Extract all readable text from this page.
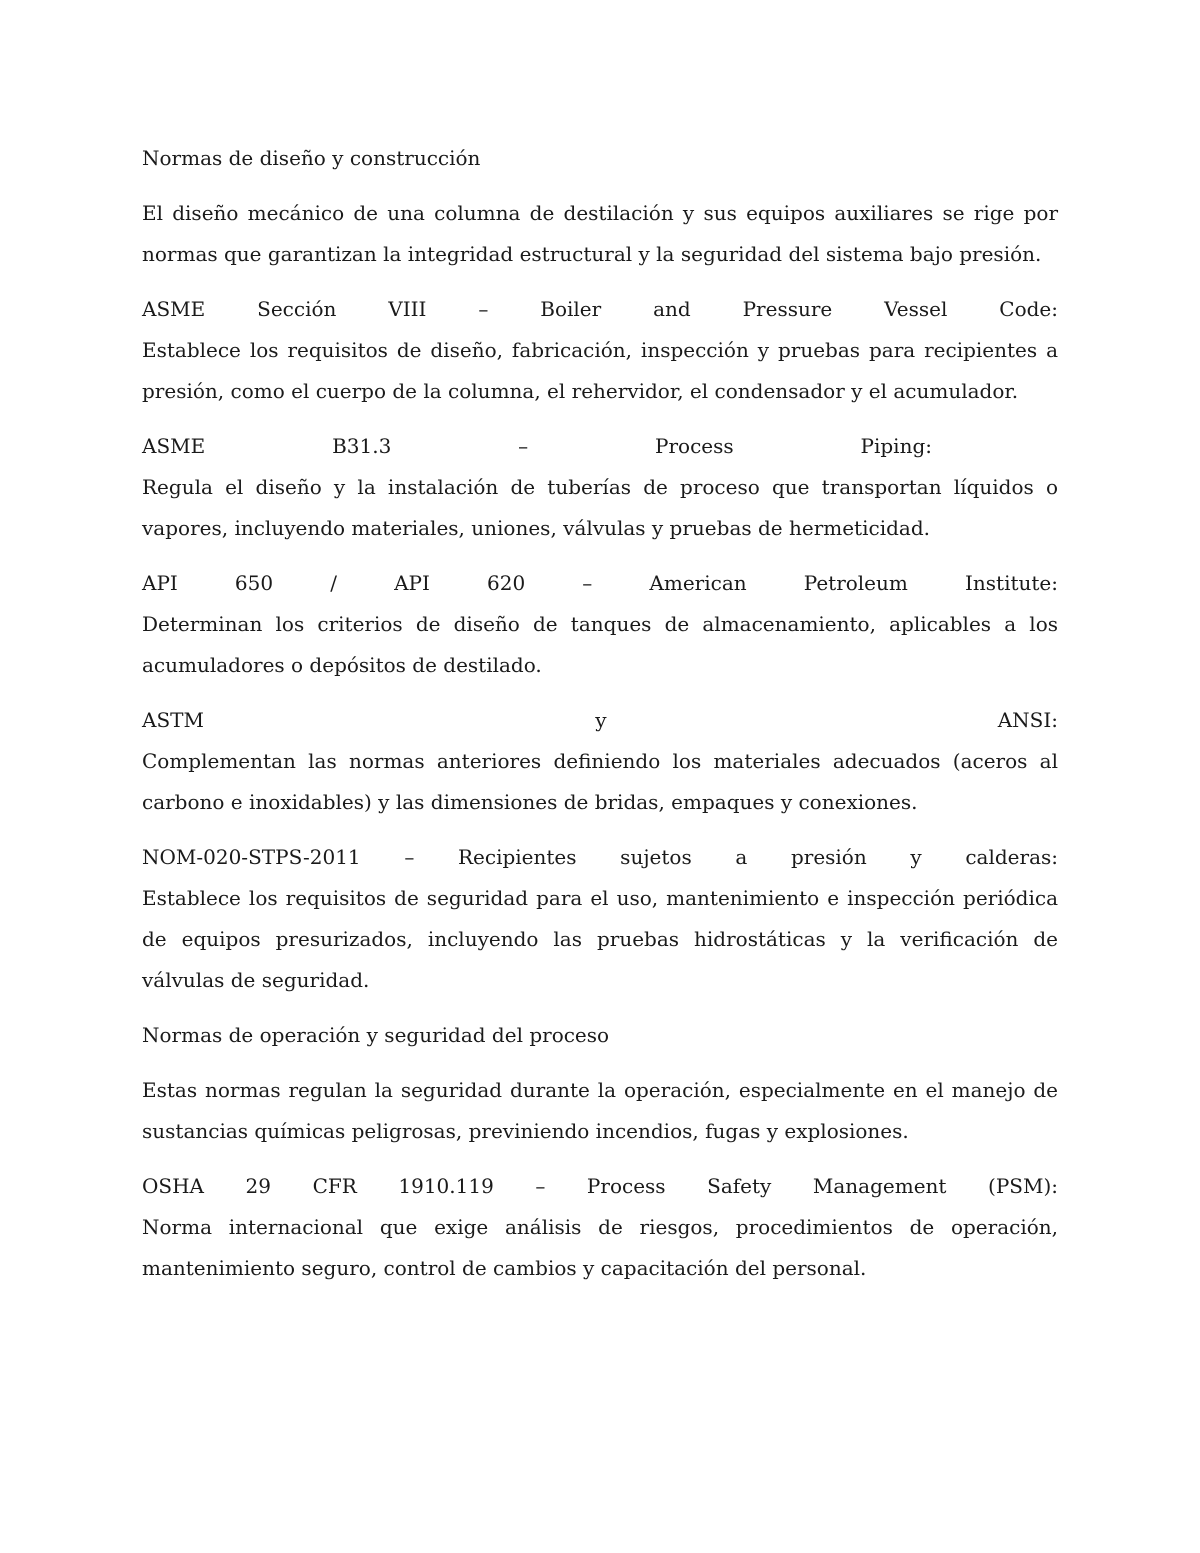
Normas de diseño y construcción

El diseño mecánico de una columna de destilación y sus equipos auxiliares se rige por normas que garantizan la integridad estructural y la seguridad del sistema bajo presión.

ASME Sección VIII – Boiler and Pressure Vessel Code:
Establece los requisitos de diseño, fabricación, inspección y pruebas para recipientes a presión, como el cuerpo de la columna, el rehervidor, el condensador y el acumulador.
ASME B31.3 – Process Piping:
Regula el diseño y la instalación de tuberías de proceso que transportan líquidos o vapores, incluyendo materiales, uniones, válvulas y pruebas de hermeticidad.
API 650 / API 620 – American Petroleum Institute:
Determinan los criterios de diseño de tanques de almacenamiento, aplicables a los acumuladores o depósitos de destilado.
ASTM y ANSI:
Complementan las normas anteriores definiendo los materiales adecuados (aceros al carbono e inoxidables) y las dimensiones de bridas, empaques y conexiones.
NOM-020-STPS-2011 – Recipientes sujetos a presión y calderas:
Establece los requisitos de seguridad para el uso, mantenimiento e inspección periódica de equipos presurizados, incluyendo las pruebas hidrostáticas y la verificación de válvulas de seguridad.

Normas de operación y seguridad del proceso

Estas normas regulan la seguridad durante la operación, especialmente en el manejo de sustancias químicas peligrosas, previniendo incendios, fugas y explosiones.

OSHA 29 CFR 1910.119 – Process Safety Management (PSM):
Norma internacional que exige análisis de riesgos, procedimientos de operación, mantenimiento seguro, control de cambios y capacitación del personal.
